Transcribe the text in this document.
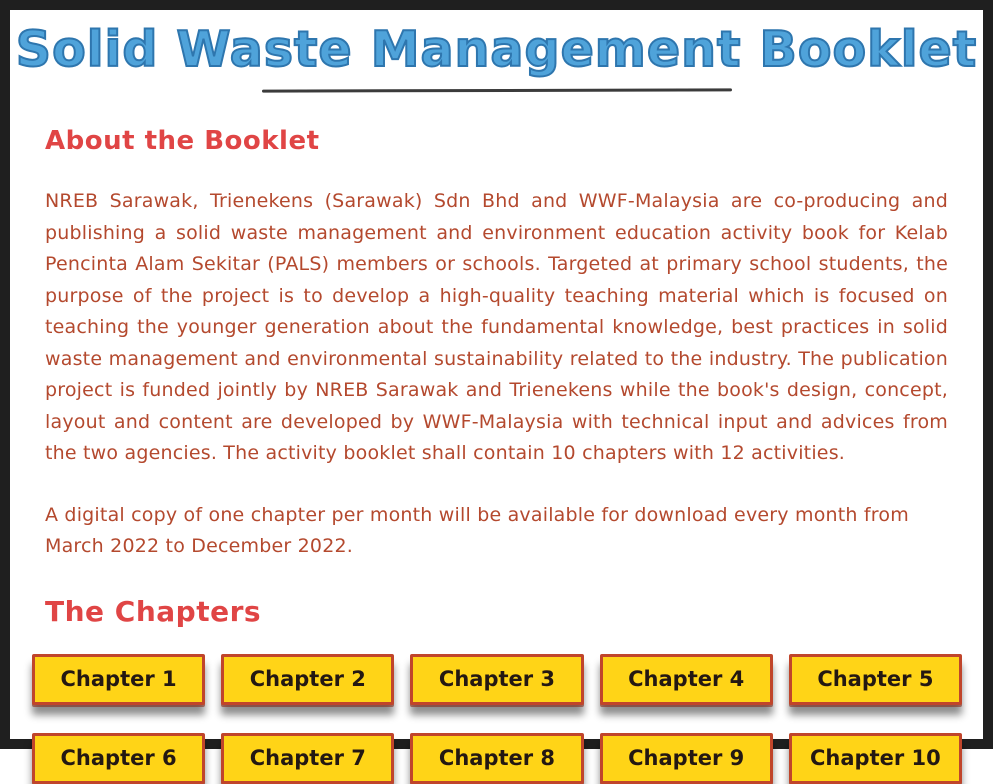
Solid Waste Management Booklet
About the Booklet

NREB Sarawak, Trienekens (Sarawak) Sdn Bhd and WWF-Malaysia are co-producing and publishing a solid waste management and environment education activity book for Kelab Pencinta Alam Sekitar (PALS) members or schools. Targeted at primary school students, the purpose of the project is to develop a high-quality teaching material which is focused on teaching the younger generation about the fundamental knowledge, best practices in solid waste management and environmental sustainability related to the industry. The publication project is funded jointly by NREB Sarawak and Trienekens while the book's design, concept, layout and content are developed by WWF-Malaysia with technical input and advices from the two agencies. The activity booklet shall contain 10 chapters with 12 activities.

A digital copy of one chapter per month will be available for download every month from March 2022 to December 2022.

The Chapters
Chapter 1	Chapter 2	Chapter 3	Chapter 4	Chapter 5
Chapter 6	Chapter 7	Chapter 8	Chapter 9	Chapter 10
